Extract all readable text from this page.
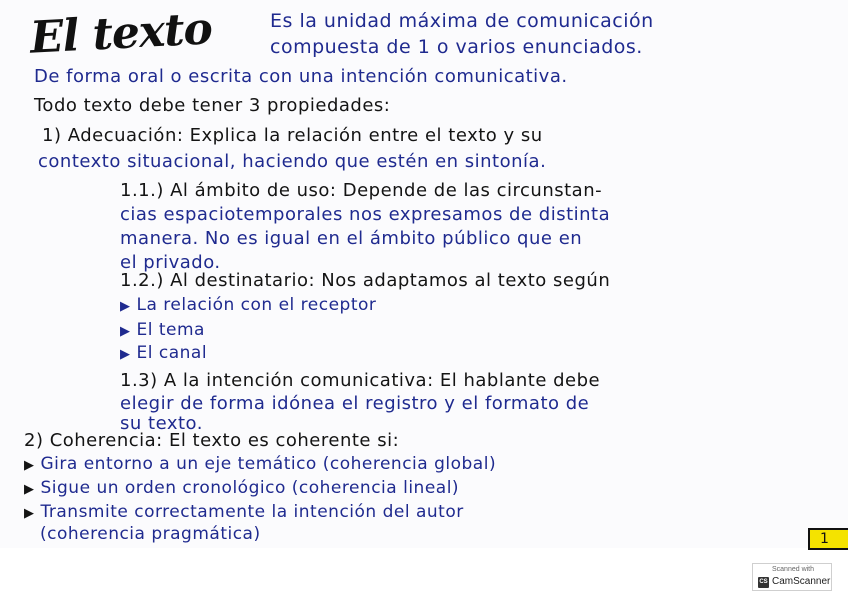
El texto	Es la unidad máxima de comunicación
compuesta de 1 o varios enunciados.
De forma oral o escrita con una intención comunicativa.
Todo texto debe tener 3 propiedades:
1) Adecuación: Explica la relación entre el texto y su
contexto situacional, haciendo que estén en sintonía.
1.1.) Al ámbito de uso: Depende de las circunstan-
cias espaciotemporales nos expresamos de distinta
manera. No es igual en el ámbito público que en
el privado.
1.2.) Al destinatario: Nos adaptamos al texto según
▶ La relación con el receptor
▶ El tema
▶ El canal
1.3) A la intención comunicativa: El hablante debe
elegir de forma idónea el registro y el formato de
su texto.
2) Coherencia: El texto es coherente si:
▶ Gira entorno a un eje temático (coherencia global)
▶ Sigue un orden cronológico (coherencia lineal)
▶ Transmite correctamente la intención del autor
(coherencia pragmática)	1
Scanned with
CS CamScanner
